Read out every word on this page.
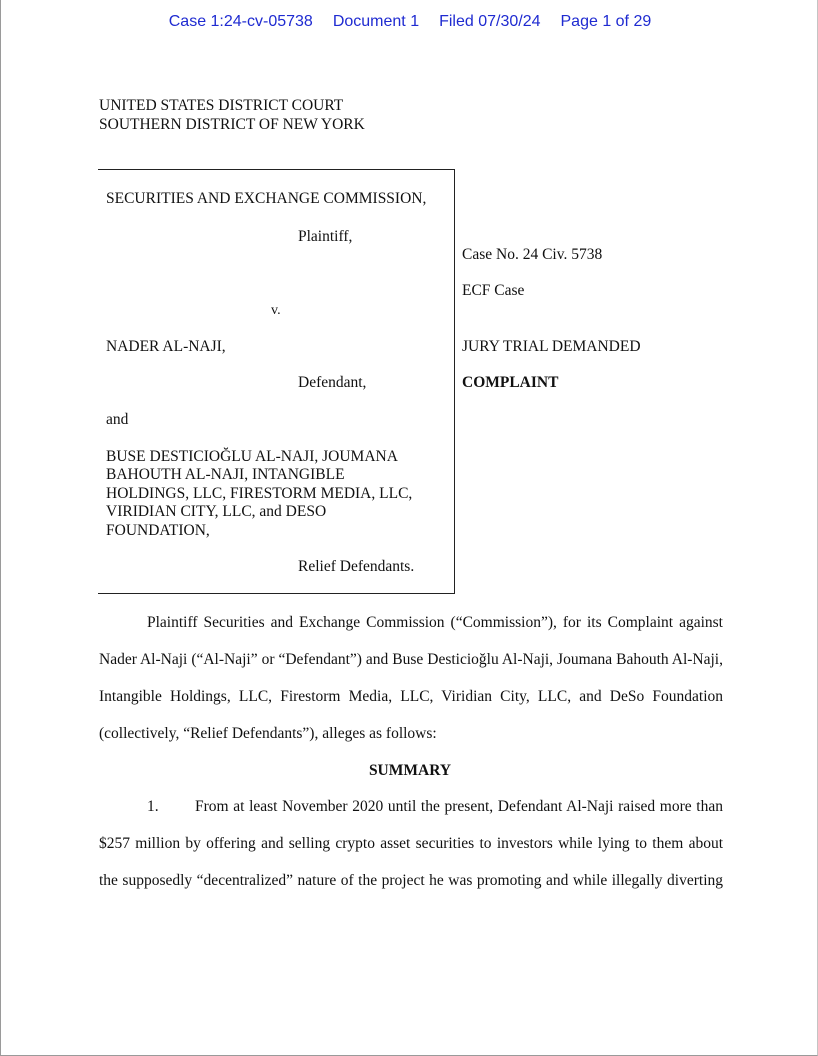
Case 1:24-cv-05738 Document 1 Filed 07/30/24 Page 1 of 29
UNITED STATES DISTRICT COURT
SOUTHERN DISTRICT OF NEW YORK
SECURITIES AND EXCHANGE COMMISSION,
Plaintiff,
v.
NADER AL-NAJI,
Defendant,
and
BUSE DESTICIOĞLU AL-NAJI, JOUMANA
BAHOUTH AL-NAJI, INTANGIBLE
HOLDINGS, LLC, FIRESTORM MEDIA, LLC,
VIRIDIAN CITY, LLC, and DESO
FOUNDATION,
Relief Defendants.
Case No. 24 Civ. 5738
ECF Case
JURY TRIAL DEMANDED
COMPLAINT
Plaintiff Securities and Exchange Commission (“Commission”), for its Complaint against
Nader Al-Naji (“Al-Naji” or “Defendant”) and Buse Desticioğlu Al-Naji, Joumana Bahouth Al-Naji,
Intangible Holdings, LLC, Firestorm Media, LLC, Viridian City, LLC, and DeSo Foundation
(collectively, “Relief Defendants”), alleges as follows:
SUMMARY
1. From at least November 2020 until the present, Defendant Al-Naji raised more than
$257 million by offering and selling crypto asset securities to investors while lying to them about
the supposedly “decentralized” nature of the project he was promoting and while illegally diverting
